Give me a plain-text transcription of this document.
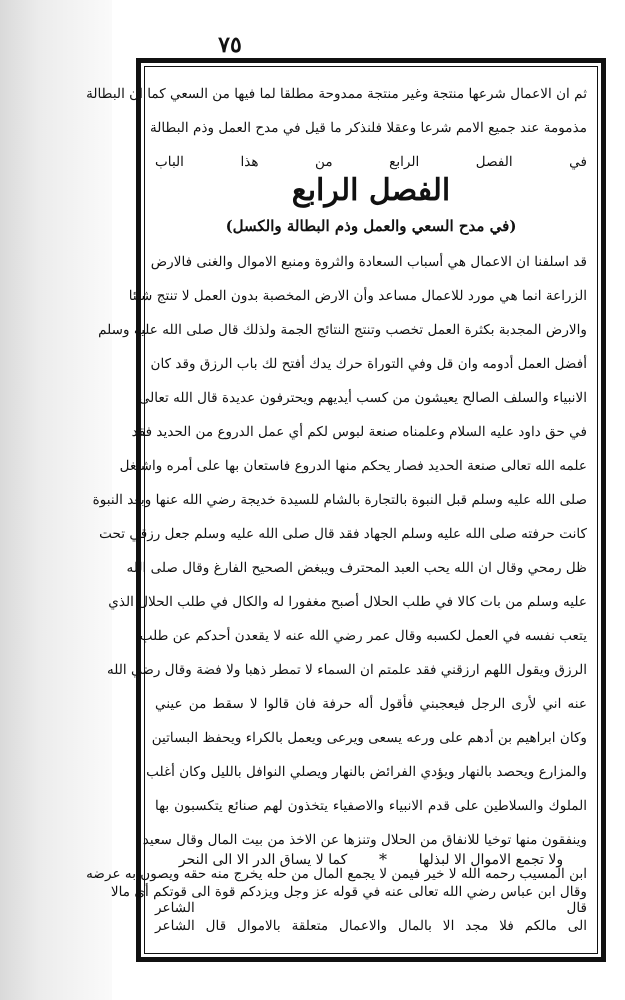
٧٥
ثم ان الاعمال شرعها منتجة وغير منتجة ممدوحة مطلقا لما فيها من السعي كما ان البطالة
مذمومة عند جميع الامم شرعا وعقلا فلنذكر ما قيل في مدح العمل وذم البطالة
في الفصل الرابع من هذا الباب
الفصل الرابع
(في مدح السعي والعمل وذم البطالة والكسل)
قد اسلفنا ان الاعمال هي أسباب السعادة والثروة ومنبع الاموال والغنى فالارض
الزراعة انما هي مورد للاعمال مساعد وأن الارض المخصبة بدون العمل لا تنتج شيئا
والارض المجدبة بكثرة العمل تخصب وتنتج النتائج الجمة ولذلك قال صلى الله عليه وسلم
أفضل العمل أدومه وان قل وفي التوراة حرك يدك أفتح لك باب الرزق وقد كان
الانبياء والسلف الصالح يعيشون من كسب أيديهم ويحترفون عديدة قال الله تعالى
في حق داود عليه السلام وعلمناه صنعة لبوس لكم أي عمل الدروع من الحديد فقد
علمه الله تعالى صنعة الحديد فصار يحكم منها الدروع فاستعان بها على أمره واشتغل
صلى الله عليه وسلم قبل النبوة بالتجارة بالشام للسيدة خديجة رضي الله عنها وبعد النبوة
كانت حرفته صلى الله عليه وسلم الجهاد فقد قال صلى الله عليه وسلم جعل رزقي تحت
ظل رمحي وقال ان الله يحب العبد المحترف ويبغض الصحيح الفارغ وقال صلى الله
عليه وسلم من بات كالا في طلب الحلال أصبح مغفورا له والكال في طلب الحلال الذي
يتعب نفسه في العمل لكسبه وقال عمر رضي الله عنه لا يقعدن أحدكم عن طلب
الرزق ويقول اللهم ارزقني فقد علمتم ان السماء لا تمطر ذهبا ولا فضة وقال رضي الله
عنه اني لأرى الرجل فيعجبني فأقول أله حرفة فان قالوا لا سقط من عيني
وكان ابراهيم بن أدهم على ورعه يسعى ويرعى ويعمل بالكراء ويحفظ البساتين
والمزارع ويحصد بالنهار ويؤدي الفرائض بالنهار ويصلي النوافل بالليل وكان أغلب
الملوك والسلاطين على قدم الانبياء والاصفياء يتخذون لهم صنائع يتكسبون بها
وينفقون منها توخيا للانفاق من الحلال وتنزها عن الاخذ من بيت المال وقال سعيد
ابن المسيب رحمه الله لا خير فيمن لا يجمع المال من حله يخرج منه حقه ويصون به عرضه
قال الشاعر
ولا تجمع الاموال الا لبذلها
*
كما لا يساق الدر الا الى النحر
وقال ابن عباس رضي الله تعالى عنه في قوله عز وجل ويزدكم قوة الى قوتكم أي مالا
الى مالكم فلا مجد الا بالمال والاعمال متعلقة بالاموال قال الشاعر
